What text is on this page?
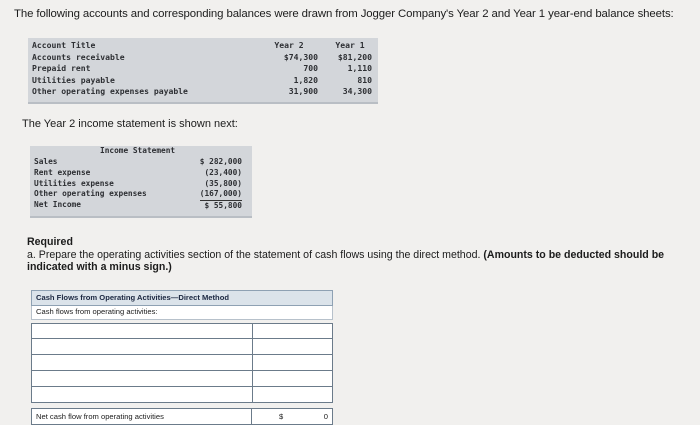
The following accounts and corresponding balances were drawn from Jogger Company's Year 2 and Year 1 year-end balance sheets:
Account Title
Accounts receivable
Prepaid rent
Utilities payable
Other operating expenses payable
Year 2
$74,300
700
1,820
31,900
Year 1
$81,200
1,110
810
34,300
The Year 2 income statement is shown next:
Income Statement
Sales
Rent expense
Utilities expense
Other operating expenses
Net Income
$ 282,000
(23,400)
(35,800)
(167,000)
$ 55,800
Required
a. Prepare the operating activities section of the statement of cash flows using the direct method. (Amounts to be deducted should be indicated with a minus sign.)
Cash Flows from Operating Activities—Direct Method
Cash flows from operating activities:
Net cash flow from operating activities	$	0
